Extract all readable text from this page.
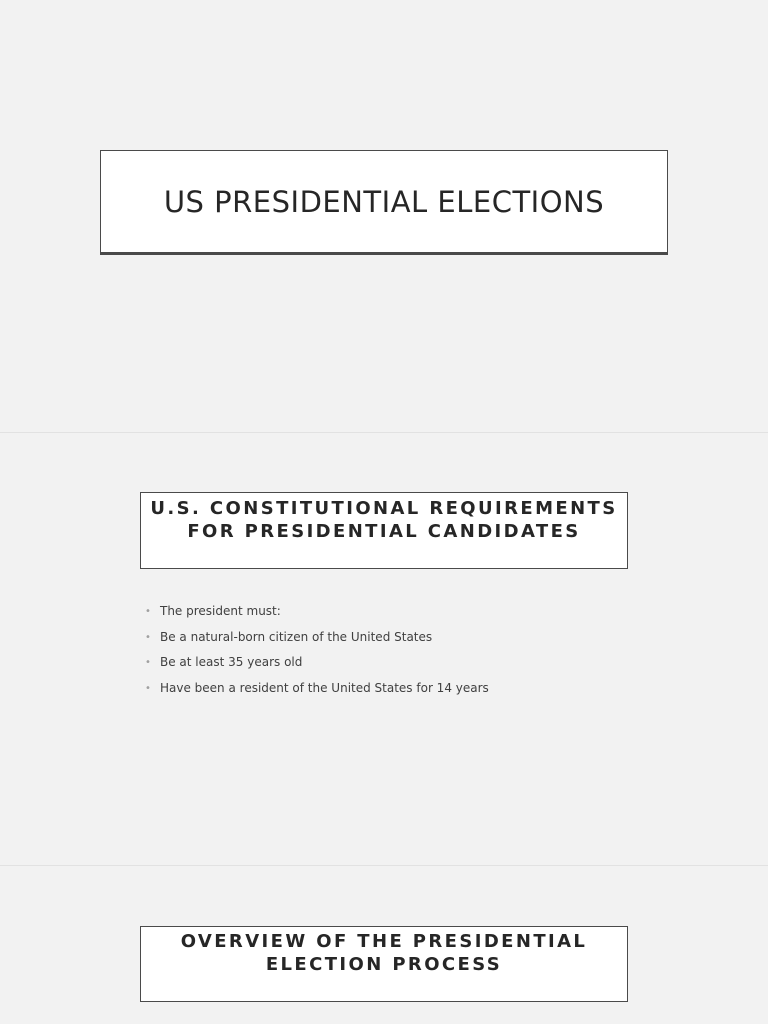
US PRESIDENTIAL ELECTIONS
U.S. CONSTITUTIONAL REQUIREMENTS
FOR PRESIDENTIAL CANDIDATES
• The president must:
• Be a natural-born citizen of the United States
• Be at least 35 years old
• Have been a resident of the United States for 14 years
OVERVIEW OF THE PRESIDENTIAL
ELECTION PROCESS
